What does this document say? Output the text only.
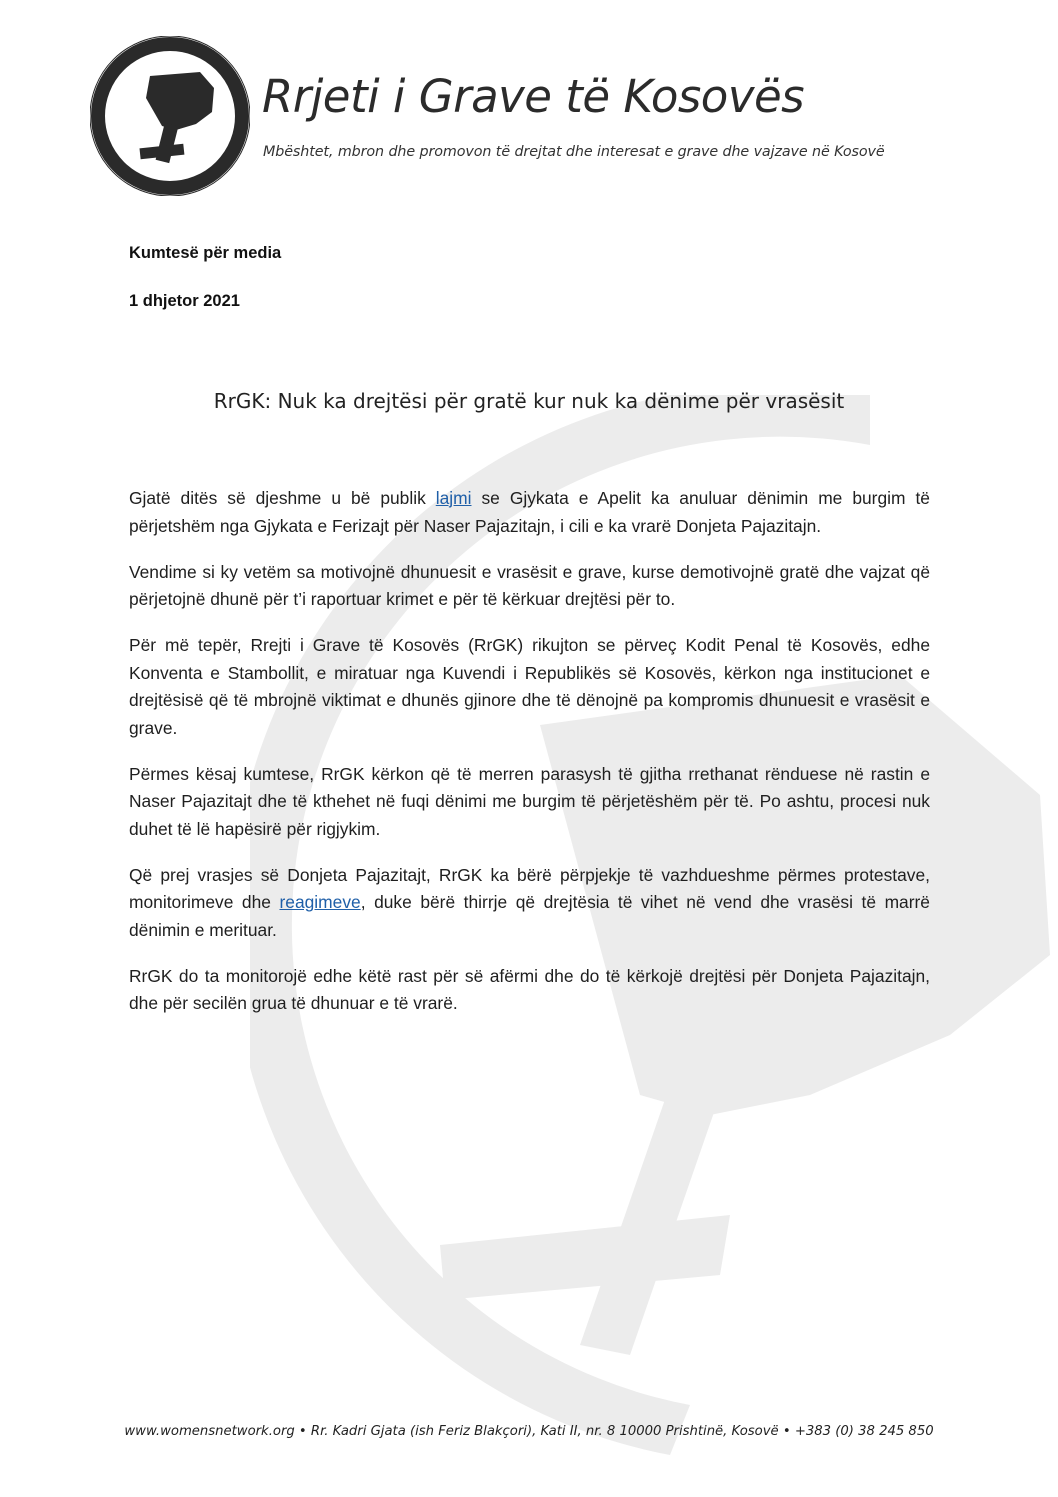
Rrjeti i Grave të Kosovës
Mbështet, mbron dhe promovon të drejtat dhe interesat e grave dhe vajzave në Kosovë
Kumtesë për media
1 dhjetor 2021
RrGK: Nuk ka drejtësi për gratë kur nuk ka dënime për vrasësit

Gjatë ditës së djeshme u bë publik lajmi se Gjykata e Apelit ka anuluar dënimin me burgim të përjetshëm nga Gjykata e Ferizajt për Naser Pajazitajn, i cili e ka vrarë Donjeta Pajazitajn.

Vendime si ky vetëm sa motivojnë dhunuesit e vrasësit e grave, kurse demotivojnë gratë dhe vajzat që përjetojnë dhunë për t’i raportuar krimet e për të kërkuar drejtësi për to.

Për më tepër, Rrejti i Grave të Kosovës (RrGK) rikujton se përveç Kodit Penal të Kosovës, edhe Konventa e Stambollit, e miratuar nga Kuvendi i Republikës së Kosovës, kërkon nga institucionet e drejtësisë që të mbrojnë viktimat e dhunës gjinore dhe të dënojnë pa kompromis dhunuesit e vrasësit e grave.

Përmes kësaj kumtese, RrGK kërkon që të merren parasysh të gjitha rrethanat rënduese në rastin e Naser Pajazitajt dhe të kthehet në fuqi dënimi me burgim të përjetëshëm për të. Po ashtu, procesi nuk duhet të lë hapësirë për rigjykim.

Që prej vrasjes së Donjeta Pajazitajt, RrGK ka bërë përpjekje të vazhdueshme përmes protestave, monitorimeve dhe reagimeve, duke bërë thirrje që drejtësia të vihet në vend dhe vrasësi të marrë dënimin e merituar.

RrGK do ta monitorojë edhe këtë rast për së afërmi dhe do të kërkojë drejtësi për Donjeta Pajazitajn, dhe për secilën grua të dhunuar e të vrarë.

www.womensnetwork.org • Rr. Kadri Gjata (ish Feriz Blakçori), Kati II, nr. 8 10000 Prishtinë, Kosovë • +383 (0) 38 245 850
